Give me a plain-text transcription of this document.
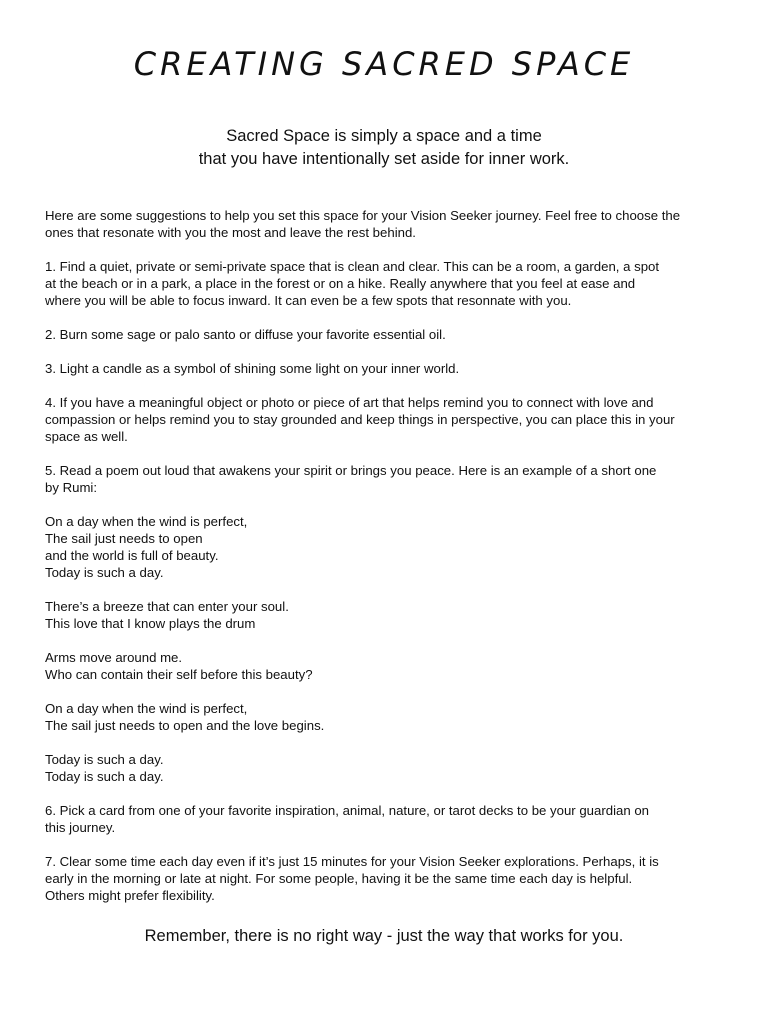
CREATING SACRED SPACE
Sacred Space is simply a space and a time
that you have intentionally set aside for inner work.

Here are some suggestions to help you set this space for your Vision Seeker journey. Feel free to choose the
ones that resonate with you the most and leave the rest behind.

1. Find a quiet, private or semi-private space that is clean and clear. This can be a room, a garden, a spot
at the beach or in a park, a place in the forest or on a hike. Really anywhere that you feel at ease and
where you will be able to focus inward. It can even be a few spots that resonnate with you.

2. Burn some sage or palo santo or diffuse your favorite essential oil.

3. Light a candle as a symbol of shining some light on your inner world.

4. If you have a meaningful object or photo or piece of art that helps remind you to connect with love and
compassion or helps remind you to stay grounded and keep things in perspective, you can place this in your
space as well.

5. Read a poem out loud that awakens your spirit or brings you peace. Here is an example of a short one
by Rumi:

On a day when the wind is perfect,
The sail just needs to open
and the world is full of beauty.
Today is such a day.

There’s a breeze that can enter your soul.
This love that I know plays the drum

Arms move around me.
Who can contain their self before this beauty?

On a day when the wind is perfect,
The sail just needs to open and the love begins.

Today is such a day.
Today is such a day.

6. Pick a card from one of your favorite inspiration, animal, nature, or tarot decks to be your guardian on
this journey.

7. Clear some time each day even if it’s just 15 minutes for your Vision Seeker explorations. Perhaps, it is
early in the morning or late at night. For some people, having it be the same time each day is helpful.
Others might prefer flexibility.

Remember, there is no right way - just the way that works for you.
